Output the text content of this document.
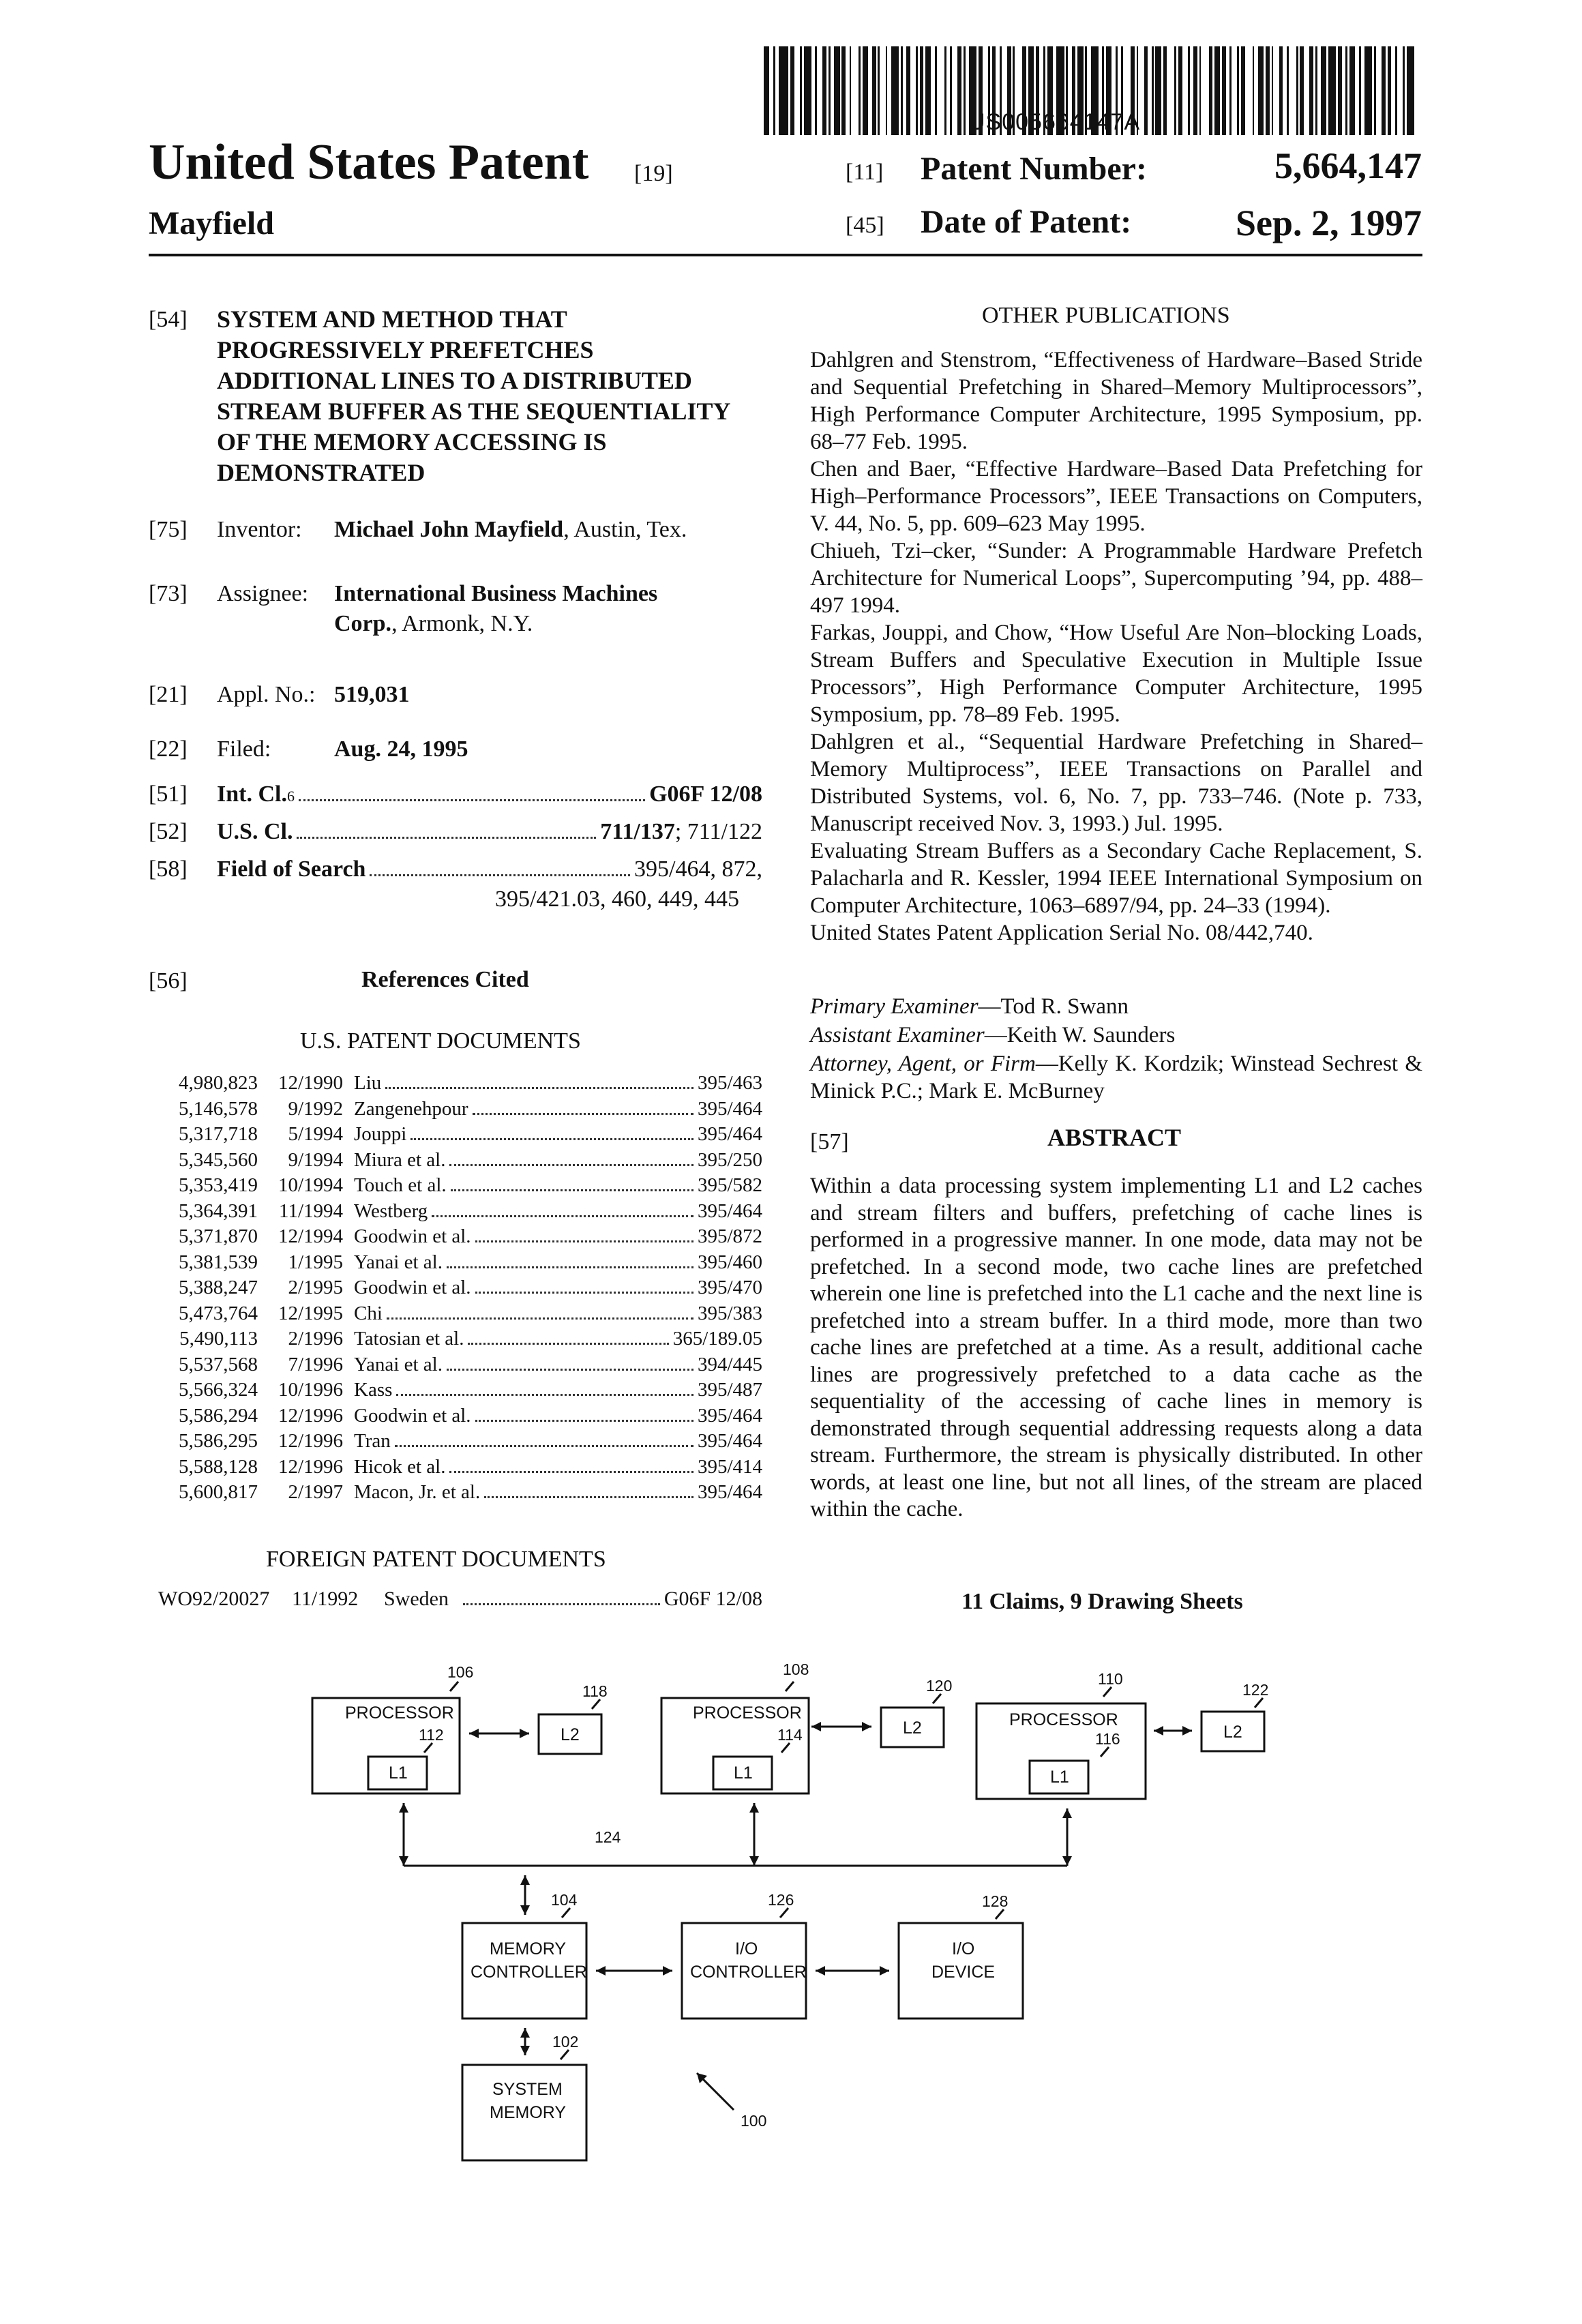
US005664147A
United States Patent [19]
Mayfield
[11] Patent Number:	5,664,147
[45] Date of Patent:	Sep. 2, 1997
[54] SYSTEM AND METHOD THAT
PROGRESSIVELY PREFETCHES
ADDITIONAL LINES TO A DISTRIBUTED
STREAM BUFFER AS THE SEQUENTIALITY
OF THE MEMORY ACCESSING IS
DEMONSTRATED
[75] Inventor: Michael John Mayfield, Austin, Tex.
[73] Assignee: International Business Machines
Corp., Armonk, N.Y.
[21] Appl. No.: 519,031
[22] Filed:	Aug. 24, 1995
[51]	Int. Cl. 6	G06F 12/08
[52]	U.S. Cl.	711/137 ; 711/122
[58]	Field of Search	395/464, 872,
395/421.03, 460, 449, 445
[56]	References Cited
U.S. PATENT DOCUMENTS
4,980,823	12/1990 Liu	395/463
5,146,578	9/1992 Zangenehpour	395/464
5,317,718	5/1994 Jouppi	395/464
5,345,560	9/1994 Miura et al.	395/250
5,353,419	10/1994 Touch et al.	395/582
5,364,391	11/1994 Westberg	395/464
5,371,870	12/1994 Goodwin et al.	395/872
5,381,539	1/1995 Yanai et al.	395/460
5,388,247	2/1995 Goodwin et al.	395/470
5,473,764	12/1995 Chi	395/383
5,490,113	2/1996 Tatosian et al.	365/189.05
5,537,568	7/1996 Yanai et al.	394/445
5,566,324	10/1996 Kass	395/487
5,586,294	12/1996 Goodwin et al.	395/464
5,586,295	12/1996 Tran	395/464
5,588,128	12/1996 Hicok et al.	395/414
5,600,817	2/1997 Macon, Jr. et al.	395/464
FOREIGN PATENT DOCUMENTS
WO92/20027	11/1992	Sweden	G06F 12/08
OTHER PUBLICATIONS
Dahlgren and Stenstrom, “Effectiveness of Hardware–Based Stride and Sequential Prefetching in Shared–Memory Multiprocessors”, High Performance Computer Architecture, 1995 Symposium, pp. 68–77 Feb. 1995.
Chen and Baer, “Effective Hardware–Based Data Prefetching for High–Performance Processors”, IEEE Transactions on Computers, V. 44, No. 5, pp. 609–623 May 1995.
Chiueh, Tzi–cker, “Sunder: A Programmable Hardware Prefetch Architecture for Numerical Loops”, Supercomputing ’94, pp. 488–497 1994.
Farkas, Jouppi, and Chow, “How Useful Are Non–blocking Loads, Stream Buffers and Speculative Execution in Multiple Issue Processors”, High Performance Computer Architecture, 1995 Symposium, pp. 78–89 Feb. 1995.
Dahlgren et al., “Sequential Hardware Prefetching in Shared–Memory Multiprocess”, IEEE Transactions on Parallel and Distributed Systems, vol. 6, No. 7, pp. 733–746. (Note p. 733, Manuscript received Nov. 3, 1993.) Jul. 1995.
Evaluating Stream Buffers as a Secondary Cache Replacement, S. Palacharla and R. Kessler, 1994 IEEE International Symposium on Computer Architecture, 1063–6897/94, pp. 24–33 (1994).
United States Patent Application Serial No. 08/442,740.
Primary Examiner—Tod R. Swann
Assistant Examiner—Keith W. Saunders
Attorney, Agent, or Firm—Kelly K. Kordzik; Winstead Sechrest & Minick P.C.; Mark E. McBurney
[57]	ABSTRACT
Within a data processing system implementing L1 and L2 caches and stream filters and buffers, prefetching of cache lines is performed in a progressive manner. In one mode, data may not be prefetched. In a second mode, two cache lines are prefetched wherein one line is prefetched into the L1 cache and the next line is prefetched into a stream buffer. In a third mode, more than two cache lines are prefetched at a time. As a result, additional cache lines are progressively prefetched to a data cache as the sequentiality of the accessing of cache lines in memory is demonstrated through sequential addressing requests along a data stream. Furthermore, the stream is physically distributed. In other words, at least one line, but not all lines, of the stream are placed within the cache.
11 Claims, 9 Drawing Sheets
PROCESSOR	PROCESSOR	PROCESSOR
L1	L1	L1
L2	L2	L2
MEMORY
CONTROLLER
I/O
CONTROLLER
I/O
DEVICE
SYSTEM
MEMORY
106	108
110
112	114	116
118	120	122
124
104	126	128
102
100
